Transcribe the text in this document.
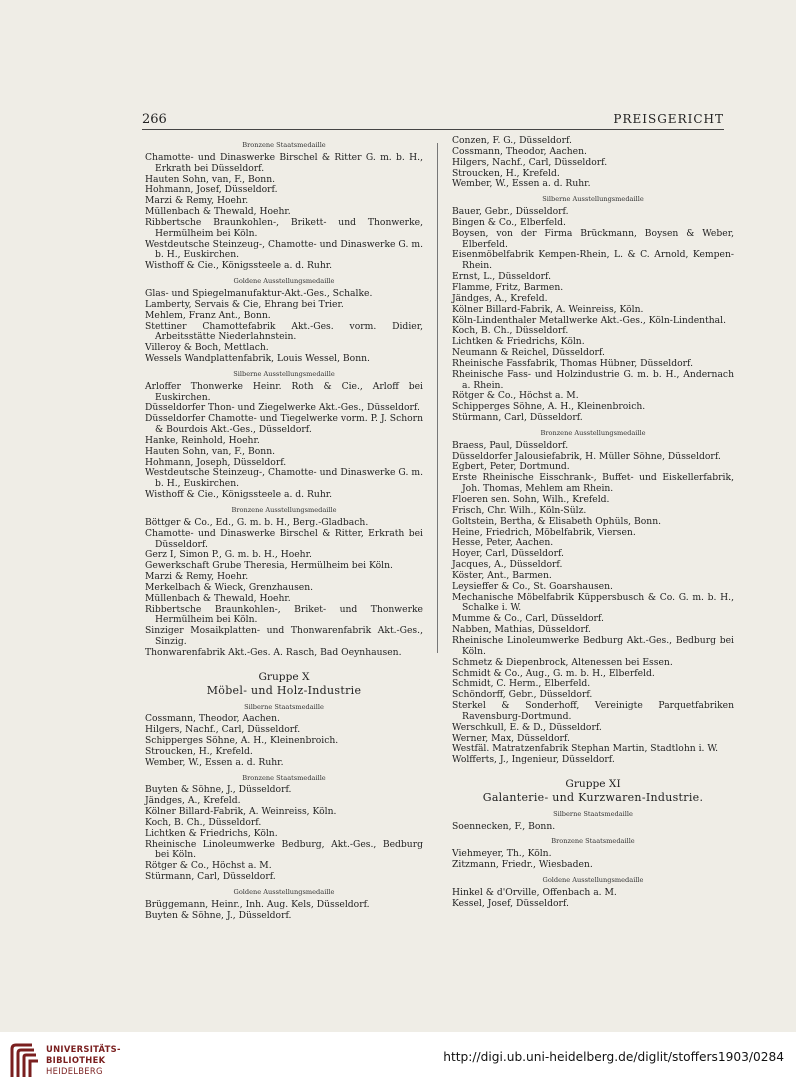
266	PREISGERICHT
Bronzene Staatsmedaille
Chamotte- und Dinaswerke Birschel & Ritter G. m. b. H., Erkrath bei Düsseldorf.
Hauten Sohn, van, F., Bonn.
Hohmann, Josef, Düsseldorf.
Marzi & Remy, Hoehr.
Müllenbach & Thewald, Hoehr.
Ribbertsche Braunkohlen-, Brikett- und Thonwerke, Hermülheim bei Köln.
Westdeutsche Steinzeug-, Chamotte- und Dinaswerke G. m. b. H., Euskirchen.
Wisthoff & Cie., Königssteele a. d. Ruhr.
Goldene Ausstellungsmedaille
Glas- und Spiegelmanufaktur-Akt.-Ges., Schalke.
Lamberty, Servais & Cie, Ehrang bei Trier.
Mehlem, Franz Ant., Bonn.
Stettiner Chamottefabrik Akt.-Ges. vorm. Didier, Arbeitsstätte Niederlahnstein.
Villeroy & Boch, Mettlach.
Wessels Wandplattenfabrik, Louis Wessel, Bonn.
Silberne Ausstellungsmedaille
Arloffer Thonwerke Heinr. Roth & Cie., Arloff bei Euskirchen.
Düsseldorfer Thon- und Ziegelwerke Akt.-Ges., Düsseldorf.
Düsseldorfer Chamotte- und Tiegelwerke vorm. P. J. Schorn & Bourdois Akt.-Ges., Düsseldorf.
Hanke, Reinhold, Hoehr.
Hauten Sohn, van, F., Bonn.
Hohmann, Joseph, Düsseldorf.
Westdeutsche Steinzeug-, Chamotte- und Dinaswerke G. m. b. H., Euskirchen.
Wisthoff & Cie., Königssteele a. d. Ruhr.
Bronzene Ausstellungsmedaille
Böttger & Co., Ed., G. m. b. H., Berg.-Gladbach.
Chamotte- und Dinaswerke Birschel & Ritter, Erkrath bei Düsseldorf.
Gerz I, Simon P., G. m. b. H., Hoehr.
Gewerkschaft Grube Theresia, Hermülheim bei Köln.
Marzi & Remy, Hoehr.
Merkelbach & Wieck, Grenzhausen.
Müllenbach & Thewald, Hoehr.
Ribbertsche Braunkohlen-, Briket- und Thonwerke Hermülheim bei Köln.
Sinziger Mosaikplatten- und Thonwarenfabrik Akt.-Ges., Sinzig.
Thonwarenfabrik Akt.-Ges. A. Rasch, Bad Oeynhausen.
Gruppe X
Möbel- und Holz-Industrie
Silberne Staatsmedaille
Cossmann, Theodor, Aachen.
Hilgers, Nachf., Carl, Düsseldorf.
Schipperges Söhne, A. H., Kleinenbroich.
Stroucken, H., Krefeld.
Wember, W., Essen a. d. Ruhr.
Bronzene Staatsmedaille
Buyten & Söhne, J., Düsseldorf.
Jändges, A., Krefeld.
Kölner Billard-Fabrik, A. Weinreiss, Köln.
Koch, B. Ch., Düsseldorf.
Lichtken & Friedrichs, Köln.
Rheinische Linoleumwerke Bedburg, Akt.-Ges., Bedburg bei Köln.
Rötger & Co., Höchst a. M.
Stürmann, Carl, Düsseldorf.
Goldene Ausstellungsmedaille
Brüggemann, Heinr., Inh. Aug. Kels, Düsseldorf.
Buyten & Söhne, J., Düsseldorf.
Conzen, F. G., Düsseldorf.
Cossmann, Theodor, Aachen.
Hilgers, Nachf., Carl, Düsseldorf.
Stroucken, H., Krefeld.
Wember, W., Essen a. d. Ruhr.
Silberne Ausstellungsmedaille
Bauer, Gebr., Düsseldorf.
Bingen & Co., Elberfeld.
Boysen, von der Firma Brückmann, Boysen & Weber, Elberfeld.
Eisenmöbelfabrik Kempen-Rhein, L. & C. Arnold, Kempen-Rhein.
Ernst, L., Düsseldorf.
Flamme, Fritz, Barmen.
Jändges, A., Krefeld.
Kölner Billard-Fabrik, A. Weinreiss, Köln.
Köln-Lindenthaler Metallwerke Akt.-Ges., Köln-Lindenthal.
Koch, B. Ch., Düsseldorf.
Lichtken & Friedrichs, Köln.
Neumann & Reichel, Düsseldorf.
Rheinische Fassfabrik, Thomas Hübner, Düsseldorf.
Rheinische Fass- und Holzindustrie G. m. b. H., Andernach a. Rhein.
Rötger & Co., Höchst a. M.
Schipperges Söhne, A. H., Kleinenbroich.
Stürmann, Carl, Düsseldorf.
Bronzene Ausstellungsmedaille
Braess, Paul, Düsseldorf.
Düsseldorfer Jalousiefabrik, H. Müller Söhne, Düsseldorf.
Egbert, Peter, Dortmund.
Erste Rheinische Eisschrank-, Buffet- und Eiskellerfabrik, Joh. Thomas, Mehlem am Rhein.
Floeren sen. Sohn, Wilh., Krefeld.
Frisch, Chr. Wilh., Köln-Sülz.
Goltstein, Bertha, & Elisabeth Ophüls, Bonn.
Heine, Friedrich, Möbelfabrik, Viersen.
Hesse, Peter, Aachen.
Hoyer, Carl, Düsseldorf.
Jacques, A., Düsseldorf.
Köster, Ant., Barmen.
Leysieffer & Co., St. Goarshausen.
Mechanische Möbelfabrik Küppersbusch & Co. G. m. b. H., Schalke i. W.
Mumme & Co., Carl, Düsseldorf.
Nabben, Mathias, Düsseldorf.
Rheinische Linoleumwerke Bedburg Akt.-Ges., Bedburg bei Köln.
Schmetz & Diepenbrock, Altenessen bei Essen.
Schmidt & Co., Aug., G. m. b. H., Elberfeld.
Schmidt, C. Herm., Elberfeld.
Schöndorff, Gebr., Düsseldorf.
Sterkel & Sonderhoff, Vereinigte Parquetfabriken Ravensburg-Dortmund.
Werschkull, E. & D., Düsseldorf.
Werner, Max, Düsseldorf.
Westfäl. Matratzenfabrik Stephan Martin, Stadtlohn i. W.
Wolfferts, J., Ingenieur, Düsseldorf.
Gruppe XI
Galanterie- und Kurzwaren-Industrie.
Silberne Staatsmedaille
Soennecken, F., Bonn.
Bronzene Staatsmedaille
Viehmeyer, Th., Köln.
Zitzmann, Friedr., Wiesbaden.
Goldene Ausstellungsmedaille
Hinkel & d'Orville, Offenbach a. M.
Kessel, Josef, Düsseldorf.
UNIVERSITÄTS-
BIBLIOTHEK
HEIDELBERG
http://digi.ub.uni-heidelberg.de/diglit/stoffers1903/0284
